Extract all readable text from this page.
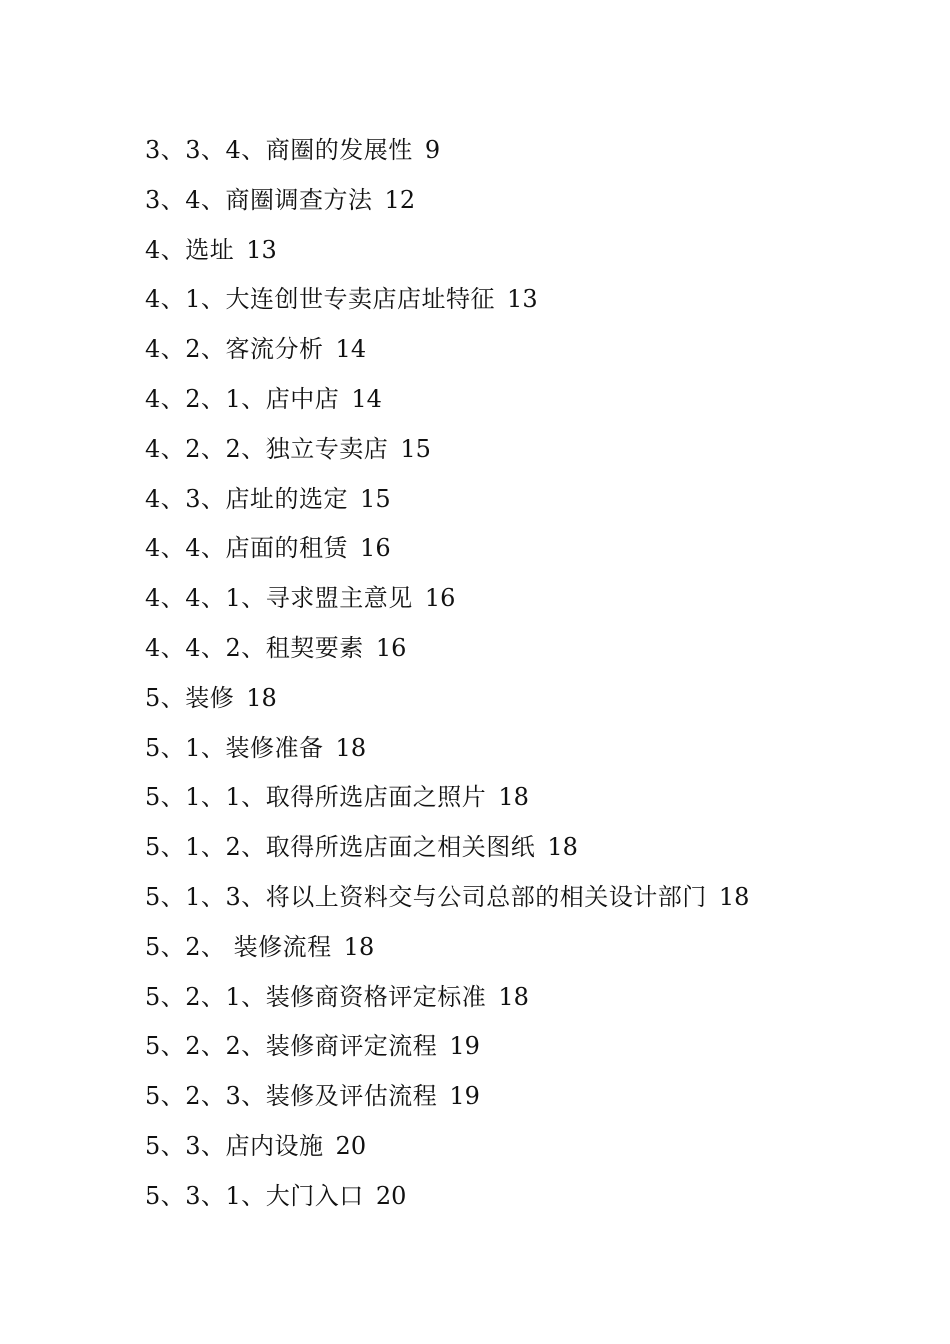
3、3、4、商圈的发展性 9
3、4、商圈调查方法 12
4、选址 13
4、1、大连创世专卖店店址特征 13
4、2、客流分析 14
4、2、1、店中店 14
4、2、2、独立专卖店 15
4、3、店址的选定 15
4、4、店面的租赁 16
4、4、1、寻求盟主意见 16
4、4、2、租契要素 16
5、装修 18
5、1、装修准备 18
5、1、1、取得所选店面之照片 18
5、1、2、取得所选店面之相关图纸 18
5、1、3、将以上资料交与公司总部的相关设计部门 18
5、2、 装修流程 18
5、2、1、装修商资格评定标准 18
5、2、2、装修商评定流程 19
5、2、3、装修及评估流程 19
5、3、店内设施 20
5、3、1、大门入口 20
